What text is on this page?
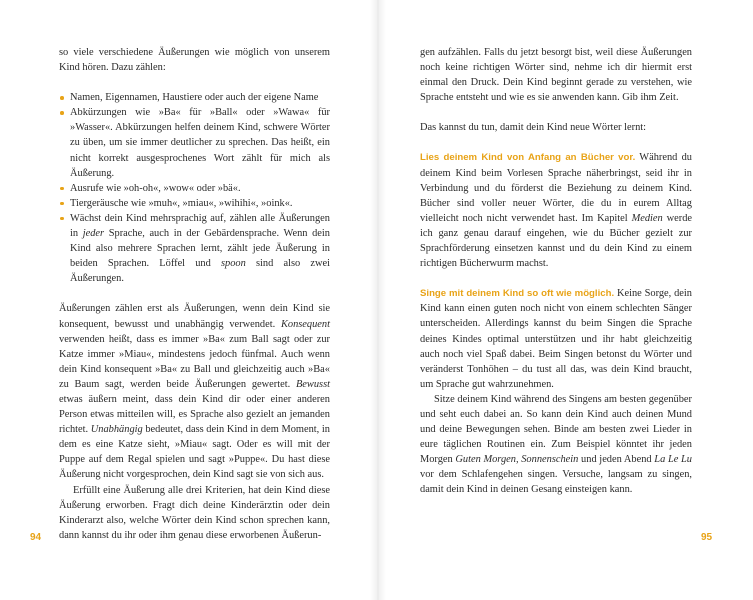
so viele verschiedene Äußerungen wie möglich von unserem Kind hören. Dazu zählen:

Namen, Eigennamen, Haustiere oder auch der eigene Name
Abkürzungen wie »Ba« für »Ball« oder »Wawa« für »Wasser«. Abkürzungen helfen deinem Kind, schwere Wörter zu üben, um sie immer deutlicher zu sprechen. Das heißt, ein nicht korrekt ausgesprochenes Wort zählt für mich als Äußerung.
Ausrufe wie »oh-oh«, »wow« oder »bä«.
Tiergeräusche wie »muh«, »miau«, »wihihi«, »oink«.
Wächst dein Kind mehrsprachig auf, zählen alle Äußerungen in jeder Sprache, auch in der Gebärdensprache. Wenn dein Kind also mehrere Sprachen lernt, zählt jede Äußerung in beiden Sprachen. Löffel und spoon sind also zwei Äußerungen.

Äußerungen zählen erst als Äußerungen, wenn dein Kind sie konsequent, bewusst und unabhängig verwendet. Konsequent verwenden heißt, dass es immer »Ba« zum Ball sagt oder zur Katze immer »Miau«, mindestens jedoch fünfmal. Auch wenn dein Kind konsequent »Ba« zu Ball und gleichzeitig auch »Ba« zu Baum sagt, werden beide Äußerungen gewertet. Bewusst etwas äußern meint, dass dein Kind dir oder einer anderen Person etwas mitteilen will, es Sprache also gezielt an jemanden richtet. Unabhängig bedeutet, dass dein Kind in dem Moment, in dem es eine Katze sieht, »Miau« sagt. Oder es will mit der Puppe auf dem Regal spielen und sagt »Puppe«. Du hast diese Äußerung nicht vorgesprochen, dein Kind sagt sie von sich aus.

Erfüllt eine Äußerung alle drei Kriterien, hat dein Kind diese Äußerung erworben. Fragt dich deine Kinderärztin oder dein Kinderarzt also, welche Wörter dein Kind schon sprechen kann, dann kannst du ihr oder ihm genau diese erworbenen Äußerun-

gen aufzählen. Falls du jetzt besorgt bist, weil diese Äußerungen noch keine richtigen Wörter sind, nehme ich dir hiermit erst einmal den Druck. Dein Kind beginnt gerade zu verstehen, wie Sprache entsteht und wie es sie anwenden kann. Gib ihm Zeit.

Das kannst du tun, damit dein Kind neue Wörter lernt:

Lies deinem Kind von Anfang an Bücher vor. Während du deinem Kind beim Vorlesen Sprache näherbringst, seid ihr in Verbindung und du förderst die Beziehung zu deinem Kind. Bücher sind voller neuer Wörter, die du in eurem Alltag vielleicht noch nicht verwendet hast. Im Kapitel Medien werde ich ganz genau darauf eingehen, wie du Bücher gezielt zur Sprachförderung einsetzen kannst und du dein Kind zu einem richtigen Bücherwurm machst.

Singe mit deinem Kind so oft wie möglich. Keine Sorge, dein Kind kann einen guten noch nicht von einem schlechten Sänger unterscheiden. Allerdings kannst du beim Singen die Sprache deines Kindes optimal unterstützen und ihr habt gleichzeitig auch noch viel Spaß dabei. Beim Singen betonst du Wörter und veränderst Tonhöhen – du tust all das, was dein Kind braucht, um Sprache gut wahrzunehmen.

Sitze deinem Kind während des Singens am besten gegenüber und seht euch dabei an. So kann dein Kind auch deinen Mund und deine Bewegungen sehen. Binde am besten zwei Lieder in eure täglichen Routinen ein. Zum Beispiel könntet ihr jeden Morgen Guten Morgen, Sonnenschein und jeden Abend La Le Lu vor dem Schlafengehen singen. Versuche, langsam zu singen, damit dein Kind in deinen Gesang einsteigen kann.

94	95
